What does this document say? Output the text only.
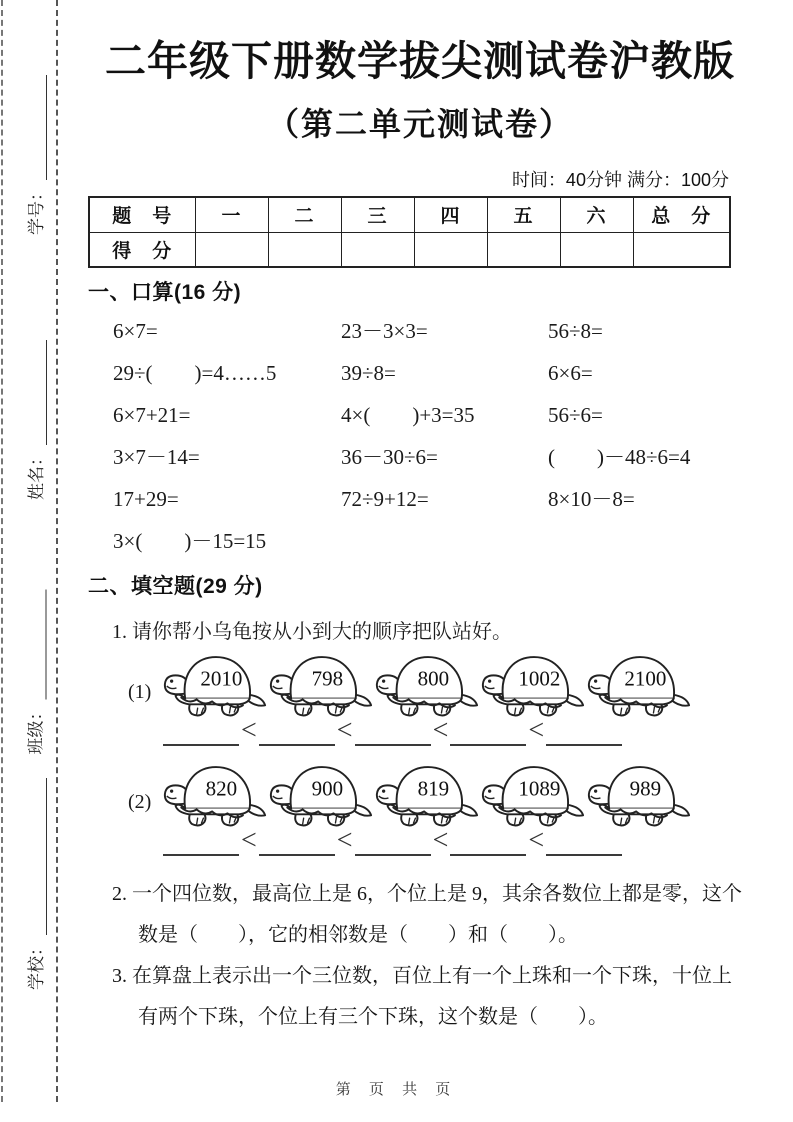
学号：
姓名：
班级：
学校：
二年级下册数学拔尖测试卷沪教版
（第二单元测试卷）
时间：40分钟 满分：100分
题　号	一	二	三	四	五	六	总　分
得　分							
一、口算(16 分)
6×7=	23－3×3=	56÷8=
29÷(　　)=4……5	39÷8=	6×6=
6×7+21=	4×(　　)+3=35	56÷6=
3×7－14=	36－30÷6=	(　　)－48÷6=4
17+29=	72÷9+12=	8×10－8=
3×(　　)－15=15
二、填空题(29 分)
1. 请你帮小乌龟按从小到大的顺序把队站好。
(1)
2010	798	800	1002	2100
<	<	<	<
(2)
820	900	819	1089	989
<	<	<	<
2. 一个四位数，最高位上是 6，个位上是 9，其余各数位上都是零，这个数是（　　），它的相邻数是（　　）和（　　）。
3. 在算盘上表示出一个三位数，百位上有一个上珠和一个下珠，十位上有两个下珠，个位上有三个下珠，这个数是（　　）。
第 页 共 页
